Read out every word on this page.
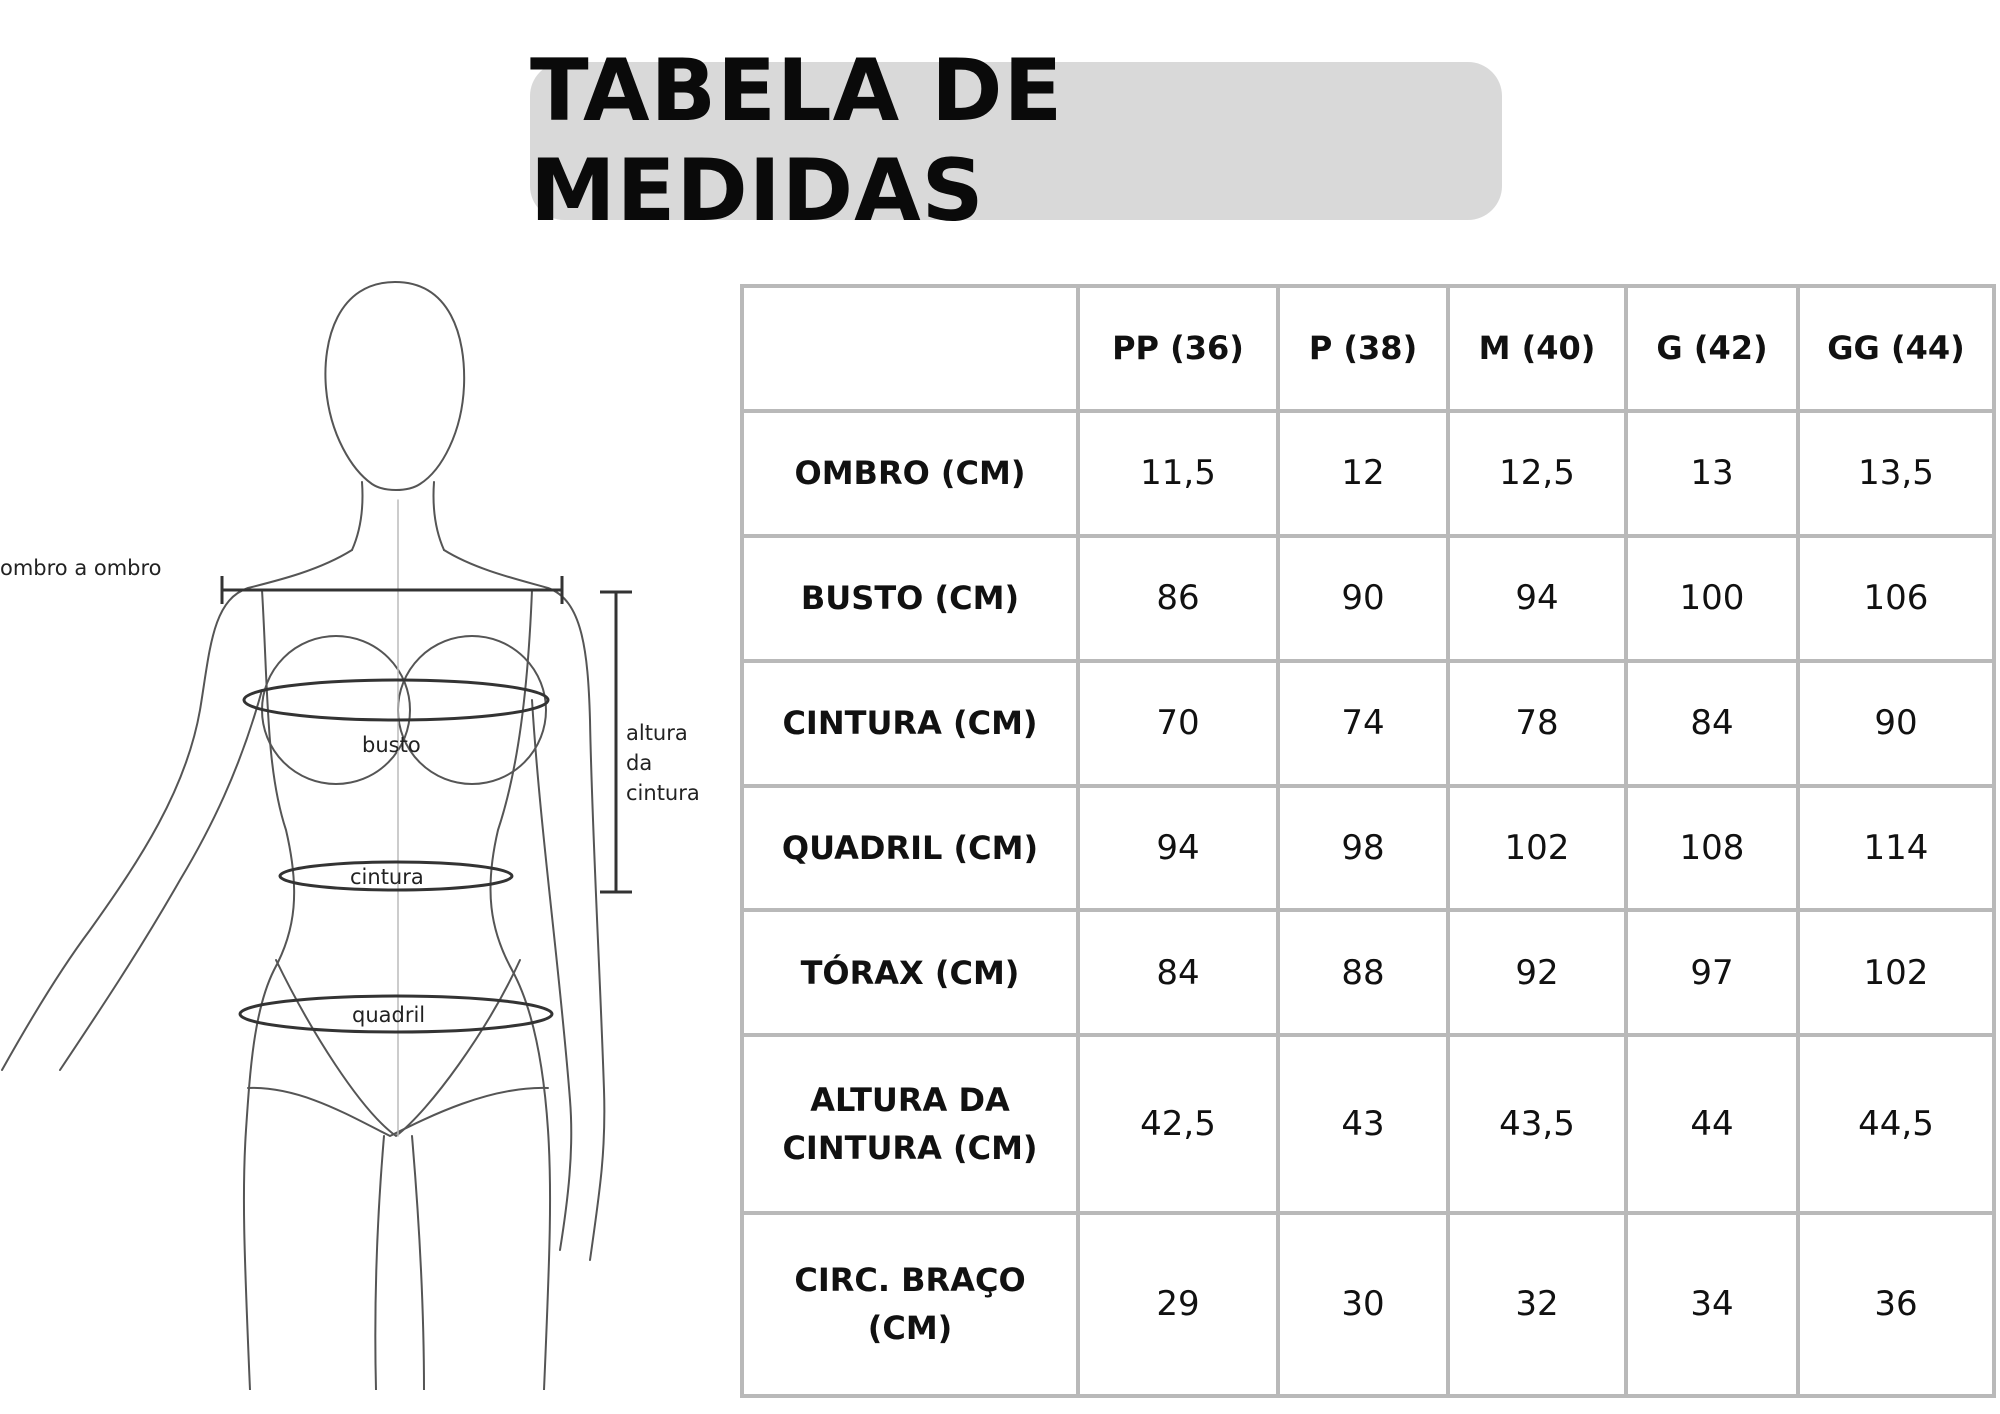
TABELA DE MEDIDAS
ombro a ombro
busto
cintura
quadril
altura
da
cintura
	PP (36)	P (38)	M (40)	G (42)	GG (44)
OMBRO (CM)	11,5	12	12,5	13	13,5
BUSTO (CM)	86	90	94	100	106
CINTURA (CM)	70	74	78	84	90
QUADRIL (CM)	94	98	102	108	114
TÓRAX (CM)	84	88	92	97	102
ALTURA DA
CINTURA (CM)	42,5	43	43,5	44	44,5
CIRC. BRAÇO
(CM)	29	30	32	34	36
